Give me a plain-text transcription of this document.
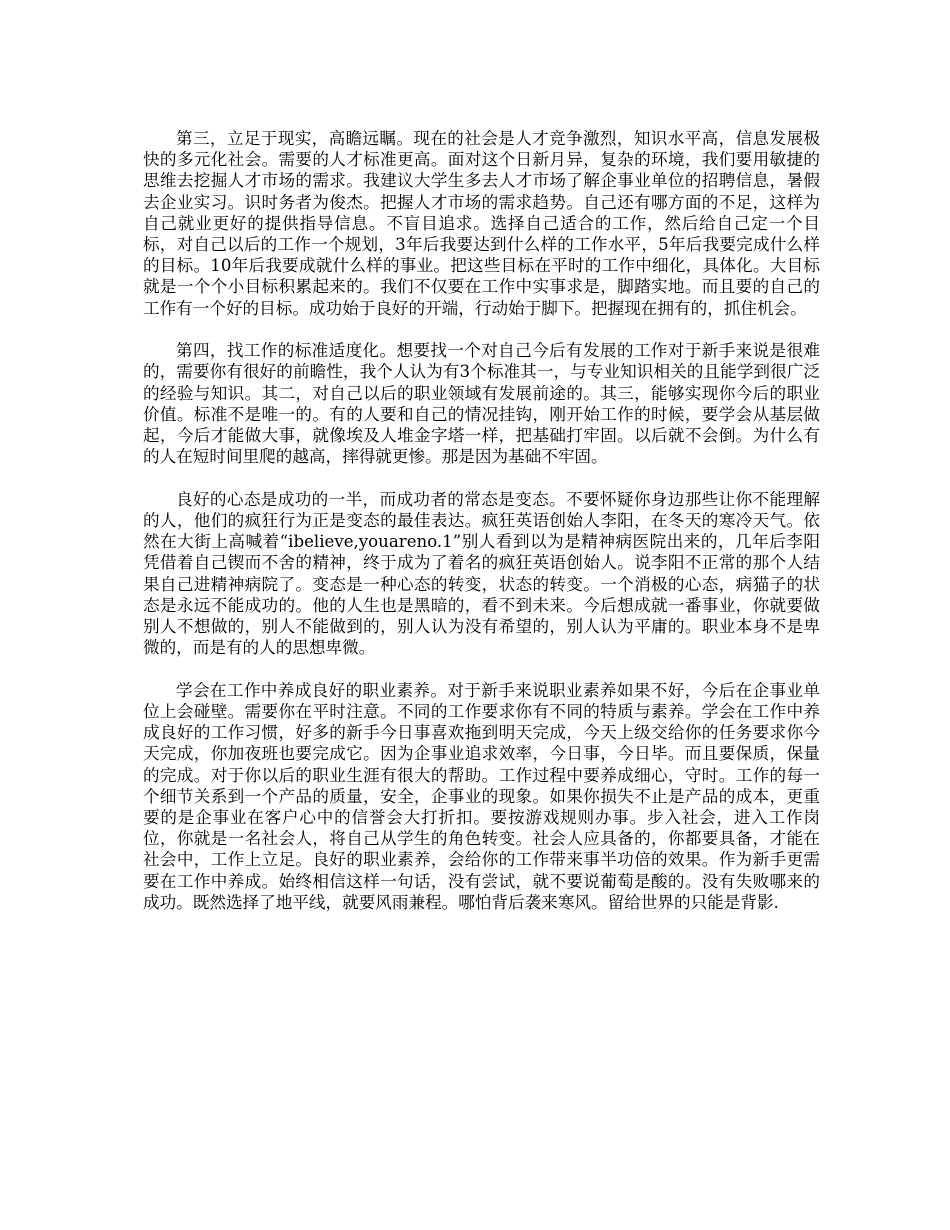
第三，立足于现实，高瞻远瞩。现在的社会是人才竞争激烈，知识水平高，信息发展极快的多元化社会。需要的人才标准更高。面对这个日新月异，复杂的环境，我们要用敏捷的思维去挖掘人才市场的需求。我建议大学生多去人才市场了解企事业单位的招聘信息，暑假去企业实习。识时务者为俊杰。把握人才市场的需求趋势。自己还有哪方面的不足，这样为自己就业更好的提供指导信息。不盲目追求。选择自己适合的工作，然后给自己定一个目标，对自己以后的工作一个规划，3年后我要达到什么样的工作水平，5年后我要完成什么样的目标。10年后我要成就什么样的事业。把这些目标在平时的工作中细化，具体化。大目标就是一个个小目标积累起来的。我们不仅要在工作中实事求是，脚踏实地。而且要的自己的工作有一个好的目标。成功始于良好的开端，行动始于脚下。把握现在拥有的，抓住机会。

第四，找工作的标准适度化。想要找一个对自己今后有发展的工作对于新手来说是很难的，需要你有很好的前瞻性，我个人认为有3个标准其一，与专业知识相关的且能学到很广泛的经验与知识。其二，对自己以后的职业领域有发展前途的。其三，能够实现你今后的职业价值。标准不是唯一的。有的人要和自己的情况挂钩，刚开始工作的时候，要学会从基层做起，今后才能做大事，就像埃及人堆金字塔一样，把基础打牢固。以后就不会倒。为什么有的人在短时间里爬的越高，摔得就更惨。那是因为基础不牢固。

良好的心态是成功的一半，而成功者的常态是变态。不要怀疑你身边那些让你不能理解的人，他们的疯狂行为正是变态的最佳表达。疯狂英语创始人李阳，在冬天的寒冷天气。依然在大街上高喊着“ibelieve,youareno.1”别人看到以为是精神病医院出来的，几年后李阳凭借着自己锲而不舍的精神，终于成为了着名的疯狂英语创始人。说李阳不正常的那个人结果自己进精神病院了。变态是一种心态的转变，状态的转变。一个消极的心态，病猫子的状态是永远不能成功的。他的人生也是黑暗的，看不到未来。今后想成就一番事业，你就要做别人不想做的，别人不能做到的，别人认为没有希望的，别人认为平庸的。职业本身不是卑微的，而是有的人的思想卑微。

学会在工作中养成良好的职业素养。对于新手来说职业素养如果不好，今后在企事业单位上会碰壁。需要你在平时注意。不同的工作要求你有不同的特质与素养。学会在工作中养成良好的工作习惯，好多的新手今日事喜欢拖到明天完成，今天上级交给你的任务要求你今天完成，你加夜班也要完成它。因为企事业追求效率，今日事，今日毕。而且要保质，保量的完成。对于你以后的职业生涯有很大的帮助。工作过程中要养成细心，守时。工作的每一个细节关系到一个产品的质量，安全，企事业的现象。如果你损失不止是产品的成本，更重要的是企事业在客户心中的信誉会大打折扣。要按游戏规则办事。步入社会，进入工作岗位，你就是一名社会人，将自己从学生的角色转变。社会人应具备的，你都要具备，才能在社会中，工作上立足。良好的职业素养，会给你的工作带来事半功倍的效果。作为新手更需要在工作中养成。始终相信这样一句话，没有尝试，就不要说葡萄是酸的。没有失败哪来的成功。既然选择了地平线，就要风雨兼程。哪怕背后袭来寒风。留给世界的只能是背影.
